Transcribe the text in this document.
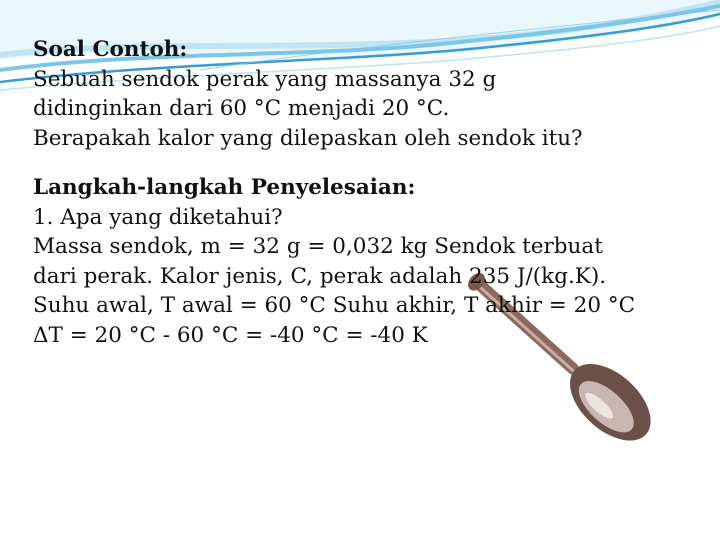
Soal Contoh:
Sebuah sendok perak yang massanya 32 g
didinginkan dari 60 °C menjadi 20 °C.
Berapakah kalor yang dilepaskan oleh sendok itu?
Langkah-langkah Penyelesaian:
1. Apa yang diketahui?
Massa sendok, m = 32 g = 0,032 kg Sendok terbuat
dari perak. Kalor jenis, C, perak adalah 235 J/(kg.K).
Suhu awal, T awal = 60 °C Suhu akhir, T akhir = 20 °C
ΔT = 20 °C - 60 °C = -40 °C = -40 K
